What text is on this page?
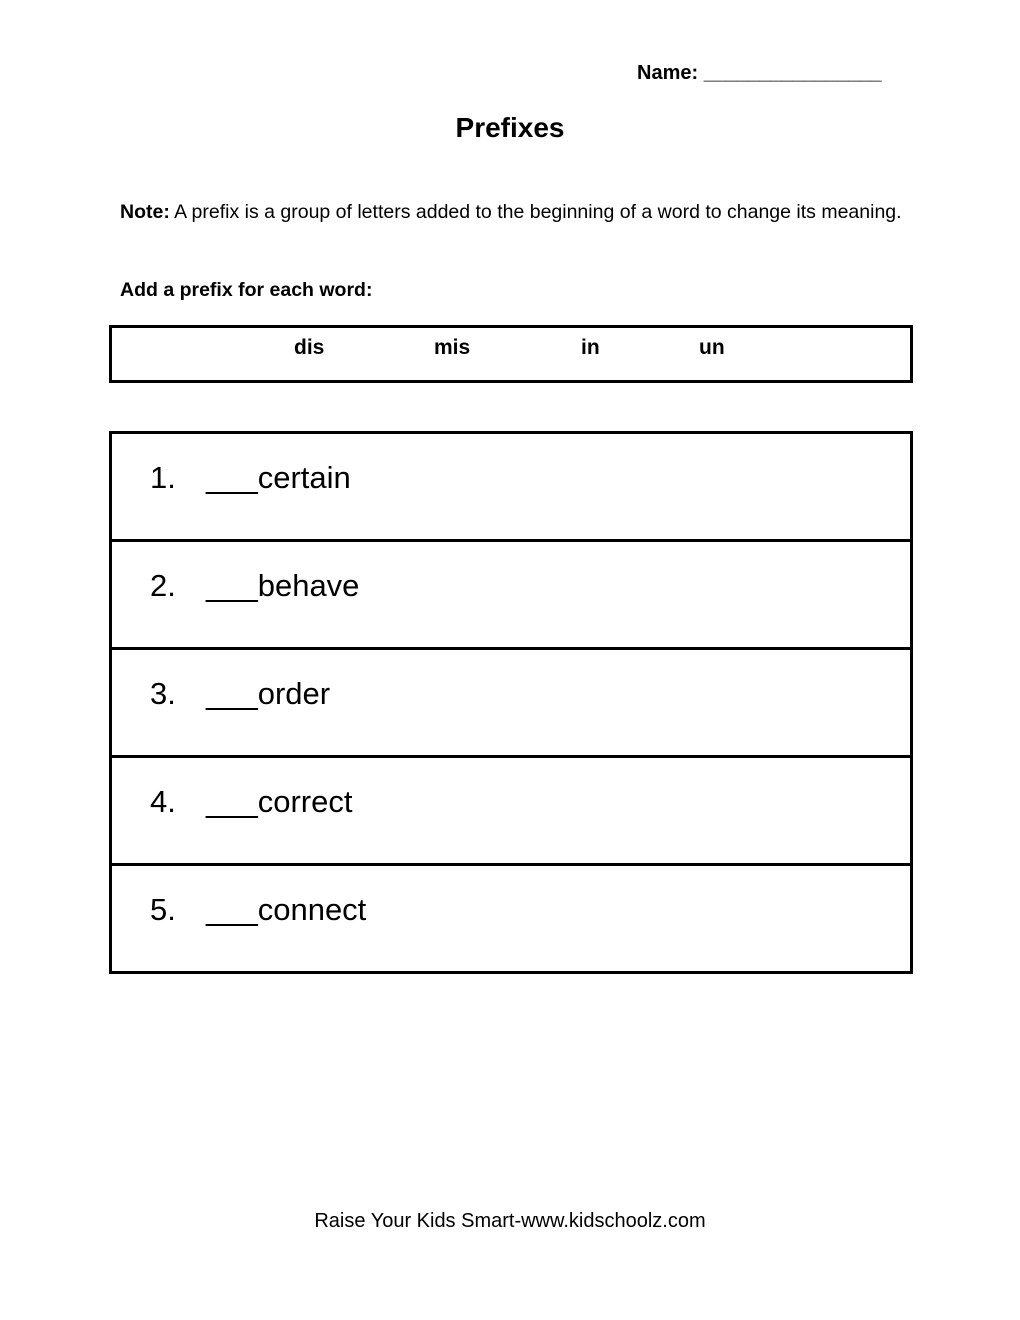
Name: ________________
Prefixes

Note: A prefix is a group of letters added to the beginning of a word to change its meaning.

Add a prefix for each word:

dis	mis	in	un
1. ___certain
2. ___behave
3. ___order
4. ___correct
5. ___connect
Raise Your Kids Smart-www.kidschoolz.com
